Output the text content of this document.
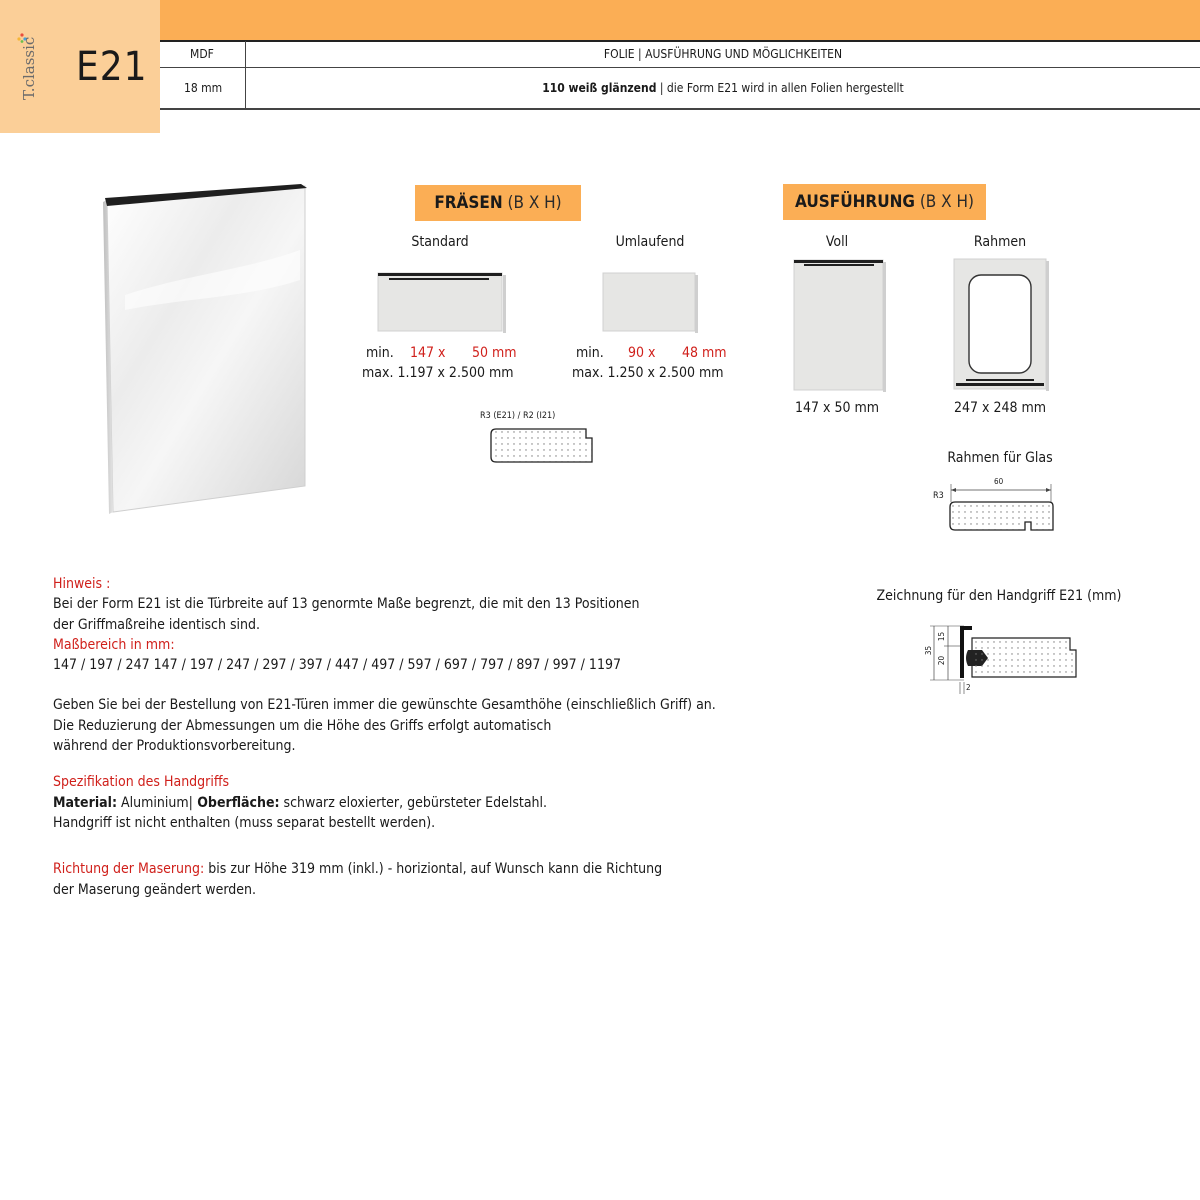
T.classic E21	MDF	FOLIE | AUSFÜHRUNG UND MÖGLICHKEITEN
18 mm	110 weiß glänzend | die Form E21 wird in allen Folien hergestellt
FRÄSEN (B X H)
Standard
min. 147 x 50 mm
max. 1.197 x 2.500 mm
Umlaufend
min. 90 x 48 mm
max. 1.250 x 2.500 mm
R3 (E21) / R2 (I21)
AUSFÜHRUNG (B X H)
Voll
147 x 50 mm
Rahmen
247 x 248 mm
Rahmen für Glas
R3
60
Zeichnung für den Handgriff E21 (mm)
35
15
20
2
Hinweis :
Bei der Form E21 ist die Türbreite auf 13 genormte Maße begrenzt, die mit den 13 Positionen
der Griffmaßreihe identisch sind.
Maßbereich in mm:
147 / 197 / 247 147 / 197 / 247 / 297 / 397 / 447 / 497 / 597 / 697 / 797 / 897 / 997 / 1197
Geben Sie bei der Bestellung von E21-Türen immer die gewünschte Gesamthöhe (einschließlich Griff) an.
Die Reduzierung der Abmessungen um die Höhe des Griffs erfolgt automatisch
während der Produktionsvorbereitung.
Spezifikation des Handgriffs
Material: Aluminium| Oberfläche: schwarz eloxierter, gebürsteter Edelstahl.
Handgriff ist nicht enthalten (muss separat bestellt werden).
Richtung der Maserung: bis zur Höhe 319 mm (inkl.) - horiziontal, auf Wunsch kann die Richtung
der Maserung geändert werden.
